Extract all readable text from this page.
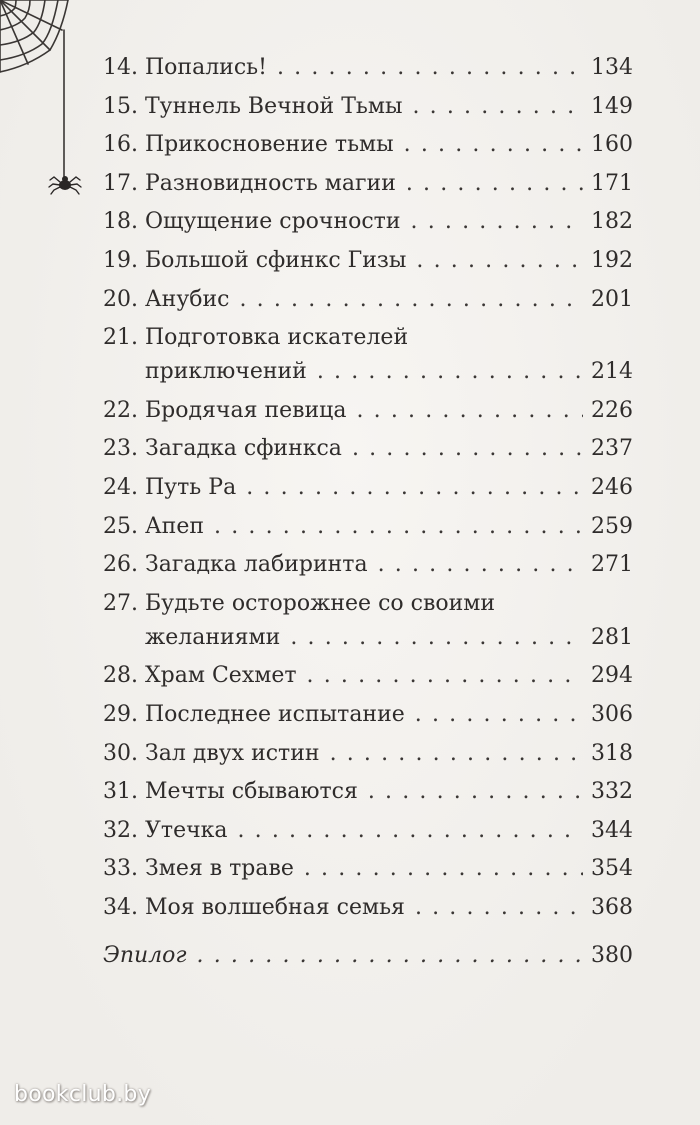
14. Попались! . . .	134
15. Туннель Вечной Тьмы . . .	149
16. Прикосновение тьмы . . .	160
17. Разновидность магии . . .	171
18. Ощущение срочности . . .	182
19. Большой сфинкс Гизы . . .	192
20. Анубис . . .	201
21. Подготовка искателей
приключений . . .	214
22. Бродячая певица . . .	226
23. Загадка сфинкса . . .	237
24. Путь Ра . . .	246
25. Апеп . . .	259
26. Загадка лабиринта . . .	271
27. Будьте осторожнее со своими
желаниями . . .	281
28. Храм Сехмет . . .	294
29. Последнее испытание . . .	306
30. Зал двух истин . . .	318
31. Мечты сбываются . . .	332
32. Утечка . . .	344
33. Змея в траве . . .	354
34. Моя волшебная семья . . .	368
Эпилог . . .	380
bookclub.by
